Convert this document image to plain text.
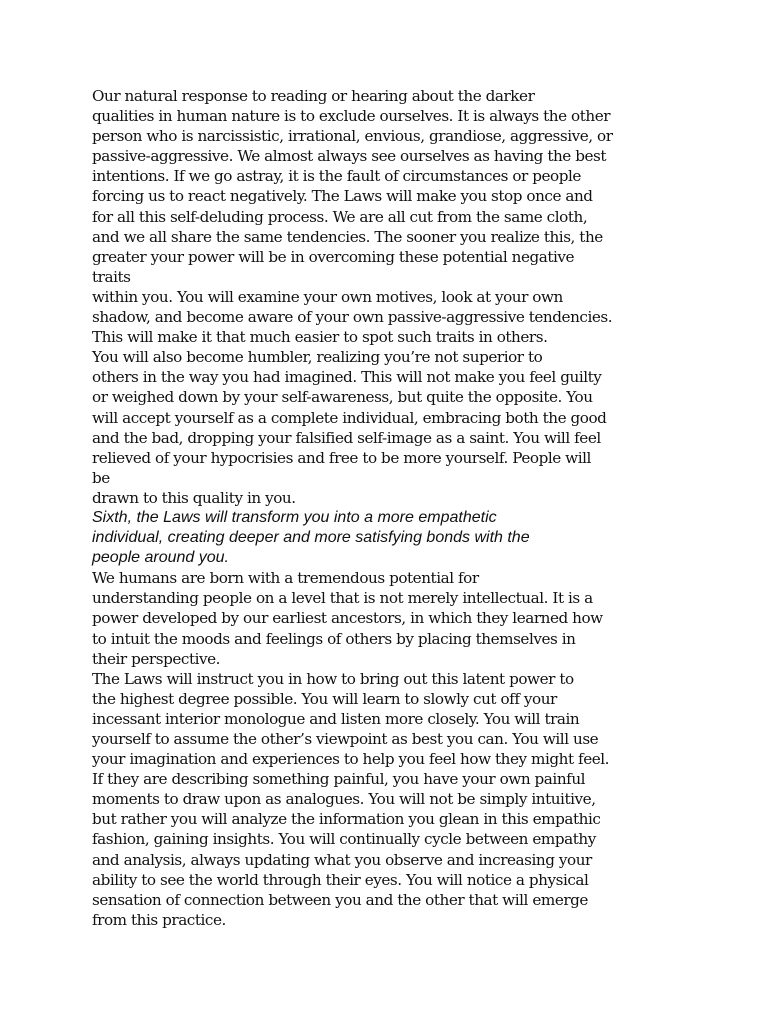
Our natural response to reading or hearing about the darker
qualities in human nature is to exclude ourselves. It is always the other
person who is narcissistic, irrational, envious, grandiose, aggressive, or
passive-aggressive. We almost always see ourselves as having the best
intentions. If we go astray, it is the fault of circumstances or people
forcing us to react negatively. The Laws will make you stop once and
for all this self-deluding process. We are all cut from the same cloth,
and we all share the same tendencies. The sooner you realize this, the
greater your power will be in overcoming these potential negative
traits
within you. You will examine your own motives, look at your own
shadow, and become aware of your own passive-aggressive tendencies.
This will make it that much easier to spot such traits in others.
You will also become humbler, realizing you’re not superior to
others in the way you had imagined. This will not make you feel guilty
or weighed down by your self-awareness, but quite the opposite. You
will accept yourself as a complete individual, embracing both the good
and the bad, dropping your falsified self-image as a saint. You will feel
relieved of your hypocrisies and free to be more yourself. People will
be
drawn to this quality in you.
Sixth, the Laws will transform you into a more empathetic
individual, creating deeper and more satisfying bonds with the
people around you.
We humans are born with a tremendous potential for
understanding people on a level that is not merely intellectual. It is a
power developed by our earliest ancestors, in which they learned how
to intuit the moods and feelings of others by placing themselves in
their perspective.
The Laws will instruct you in how to bring out this latent power to
the highest degree possible. You will learn to slowly cut off your
incessant interior monologue and listen more closely. You will train
yourself to assume the other’s viewpoint as best you can. You will use
your imagination and experiences to help you feel how they might feel.
If they are describing something painful, you have your own painful
moments to draw upon as analogues. You will not be simply intuitive,
but rather you will analyze the information you glean in this empathic
fashion, gaining insights. You will continually cycle between empathy
and analysis, always updating what you observe and increasing your
ability to see the world through their eyes. You will notice a physical
sensation of connection between you and the other that will emerge
from this practice.
